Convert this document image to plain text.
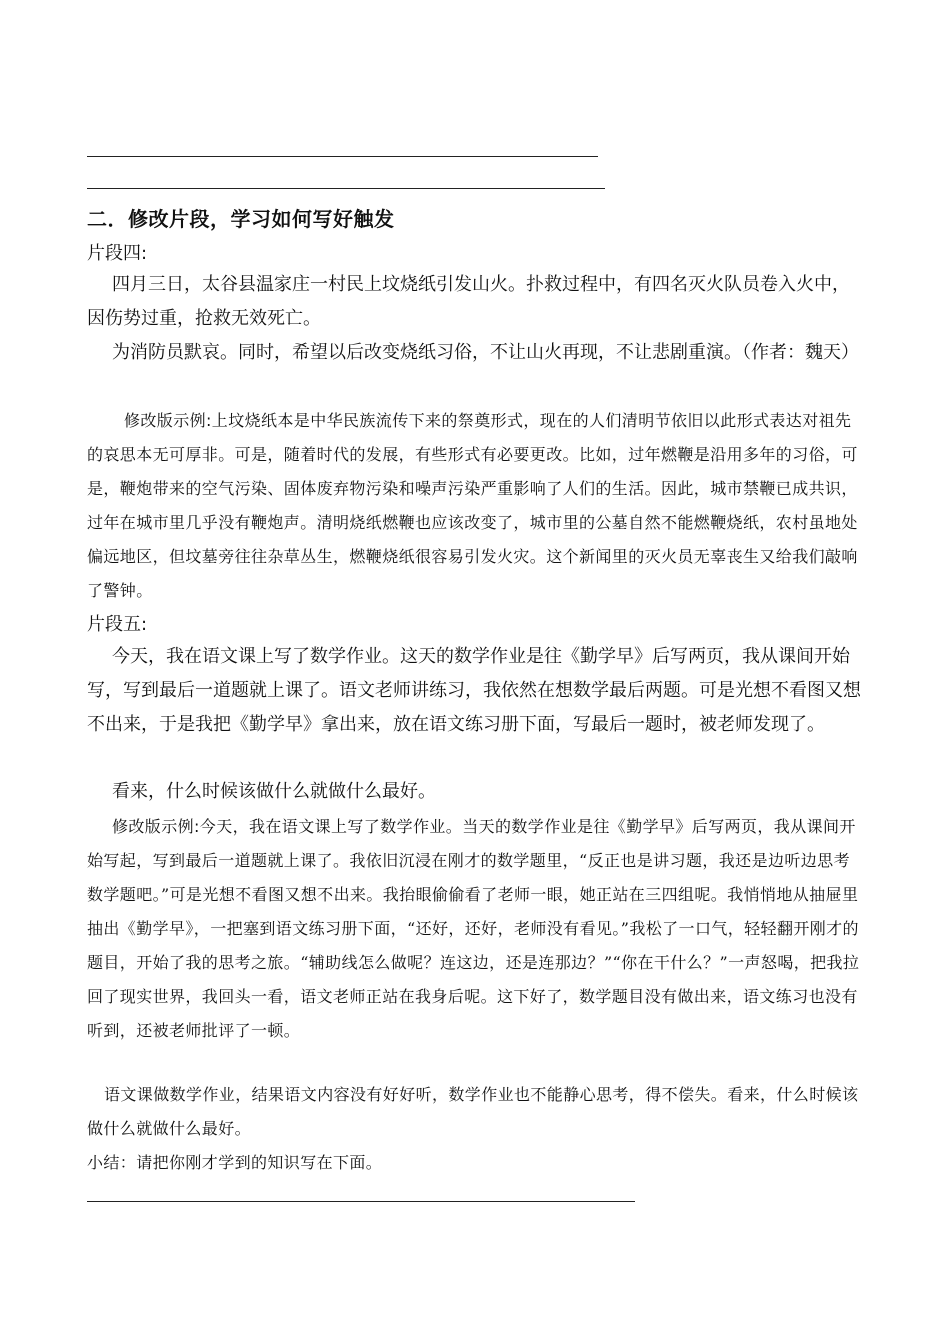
二．修改片段，学习如何写好触发
片段四:

四月三日，太谷县温家庄一村民上坟烧纸引发山火。扑救过程中，有四名灭火队员卷入火中，因伤势过重，抢救无效死亡。

为消防员默哀。同时，希望以后改变烧纸习俗，不让山火再现，不让悲剧重演。（作者：魏天）

修改版示例:上坟烧纸本是中华民族流传下来的祭奠形式，现在的人们清明节依旧以此形式表达对祖先的哀思本无可厚非。可是，随着时代的发展，有些形式有必要更改。比如，过年燃鞭是沿用多年的习俗，可是，鞭炮带来的空气污染、固体废弃物污染和噪声污染严重影响了人们的生活。因此，城市禁鞭已成共识，过年在城市里几乎没有鞭炮声。清明烧纸燃鞭也应该改变了，城市里的公墓自然不能燃鞭烧纸，农村虽地处偏远地区，但坟墓旁往往杂草丛生，燃鞭烧纸很容易引发火灾。这个新闻里的灭火员无辜丧生又给我们敲响了警钟。

片段五:

今天，我在语文课上写了数学作业。这天的数学作业是往《勤学早》后写两页，我从课间开始写，写到最后一道题就上课了。语文老师讲练习，我依然在想数学最后两题。可是光想不看图又想不出来，于是我把《勤学早》拿出来，放在语文练习册下面，写最后一题时，被老师发现了。

看来，什么时候该做什么就做什么最好。

修改版示例:今天，我在语文课上写了数学作业。当天的数学作业是往《勤学早》后写两页，我从课间开始写起，写到最后一道题就上课了。我依旧沉浸在刚才的数学题里，“反正也是讲习题，我还是边听边思考数学题吧。”可是光想不看图又想不出来。我抬眼偷偷看了老师一眼，她正站在三四组呢。我悄悄地从抽屉里抽出《勤学早》，一把塞到语文练习册下面，“还好，还好，老师没有看见。”我松了一口气，轻轻翻开刚才的题目，开始了我的思考之旅。“辅助线怎么做呢？连这边，还是连那边？”“你在干什么？”一声怒喝，把我拉回了现实世界，我回头一看，语文老师正站在我身后呢。这下好了，数学题目没有做出来，语文练习也没有听到，还被老师批评了一顿。

语文课做数学作业，结果语文内容没有好好听，数学作业也不能静心思考，得不偿失。看来，什么时候该做什么就做什么最好。

小结：请把你刚才学到的知识写在下面。
